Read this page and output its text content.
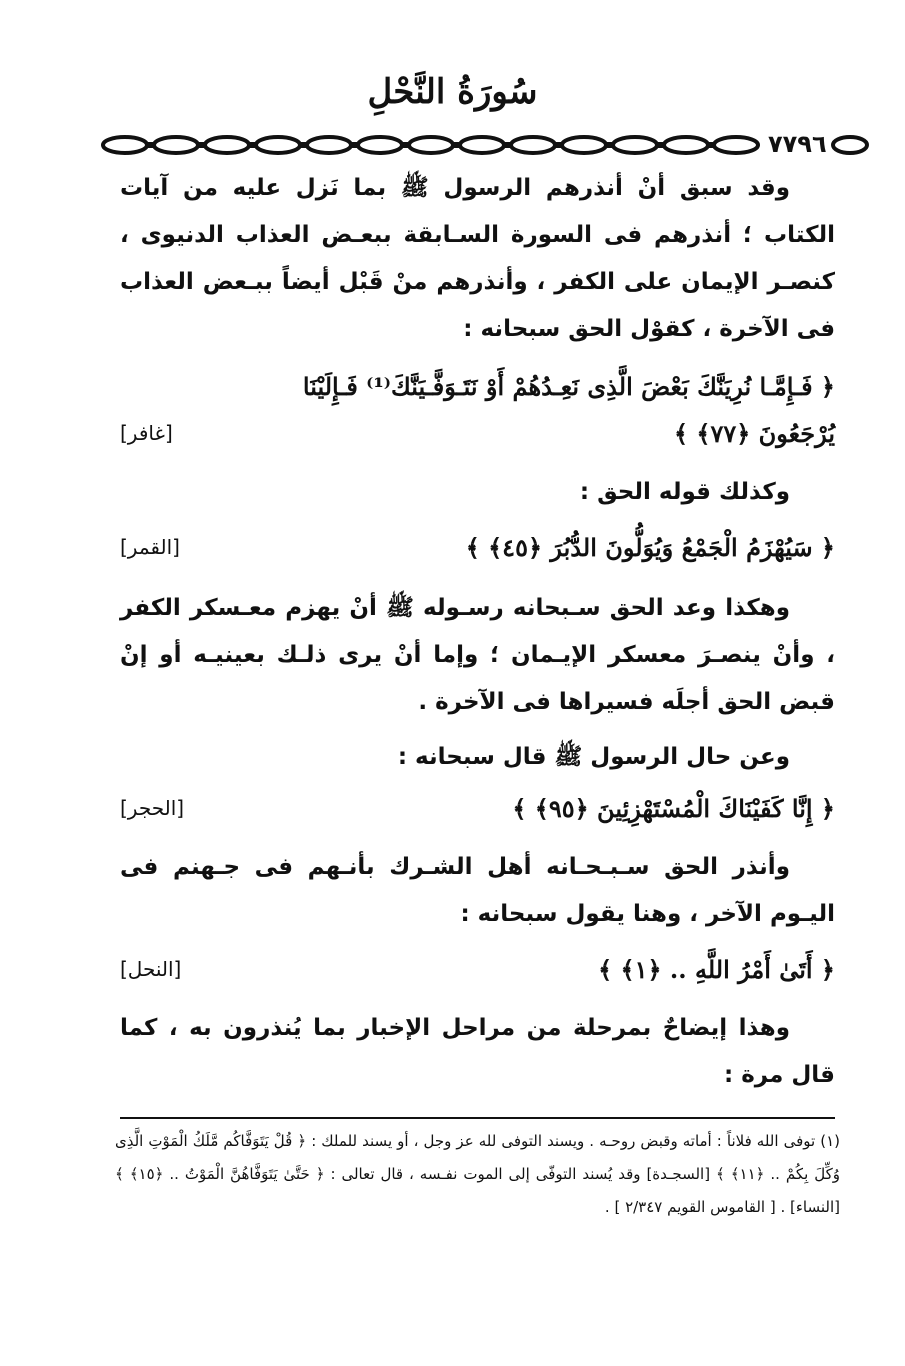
سُورَةُ النَّحْلِ
٧٧٩٦

وقد سبق أنْ أنذرهم الرسول ﷺ بما نَزل عليه من آيات الكتاب ؛ أنذرهم فى السورة السـابقة ببعـض العذاب الدنيوى ، كنصـر الإيمان على الكفر ، وأنذرهم منْ قَبْل أيضاً ببـعض العذاب فى الآخرة ، كقوْل الحق سبحانه :

﴿ فَـإِمَّـا نُرِيَنَّكَ بَعْضَ الَّذِى نَعِـدُهُمْ أَوْ نَتَـوَفَّـيَنَّكَ⁽¹⁾ فَـإِلَيْنَا
يُرْجَعُونَ ﴿٧٧﴾ ﴾
[غافر]

وكذلك قوله الحق :

﴿ سَيُهْزَمُ الْجَمْعُ وَيُوَلُّونَ الدُّبُرَ ﴿٤٥﴾ ﴾
[القمر]

وهكذا وعد الحق سـبحانه رسـوله ﷺ أنْ يهزم معـسكر الكفر ، وأنْ ينصـرَ معسكر الإيـمان ؛ وإما أنْ يرى ذلـك بعينيـه أو إنْ قبض الحق أجلَه فسيراها فى الآخرة .

وعن حال الرسول ﷺ قال سبحانه :

﴿ إِنَّا كَفَيْنَاكَ الْمُسْتَهْزِئِينَ ﴿٩٥﴾ ﴾
[الحجر]

وأنذر الحق سـبـحـانه أهل الشـرك بأنـهم فى جـهنم فى اليـوم الآخر ، وهنا يقول سبحانه :

﴿ أَتَىٰ أَمْرُ اللَّهِ .. ﴿١﴾ ﴾
[النحل]

وهذا إيضاحٌ بمرحلة من مراحل الإخبار بما يُنذرون به ، كما قال مرة :

(١) توفى الله فلاناً : أماته وقبض روحـه . ويسند التوفى لله عز وجل ، أو يسند للملك : ﴿ قُلْ يَتَوَفَّاكُم مَّلَكُ الْمَوْتِ الَّذِى وُكِّلَ بِكُمْ .. ﴿١١﴾ ﴾ [السجـدة] وقد يُسند التوفّى إلى الموت نفـسه ، قال تعالى : ﴿ حَتَّىٰ يَتَوَفَّاهُنَّ الْمَوْتُ .. ﴿١٥﴾ ﴾ [النساء] . [ القاموس القويم ٢/٣٤٧ ] .
